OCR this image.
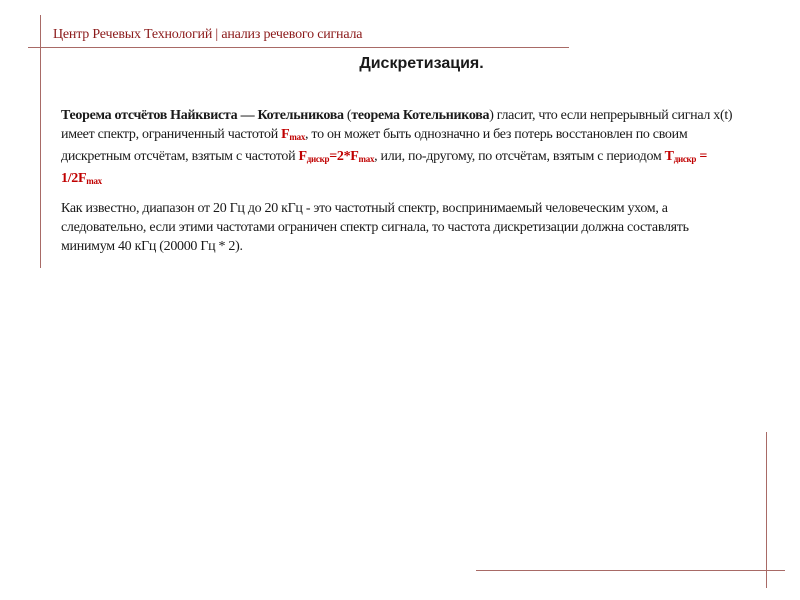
Центр Речевых Технологий | анализ речевого сигнала
Дискретизация.

Теорема отсчётов Найквиста — Котельникова (теорема Котельникова) гласит, что если непрерывный сигнал x(t) имеет спектр, ограниченный частотой $F_{max}$, то он может быть однозначно и без потерь восстановлен по своим дискретным отсчётам, взятым с частотой $F_{дискр}=2*F_{max}$, или, по-другому, по отсчётам, взятым с периодом $T_{дискр} = 1/2F_{max}$

Как известно, диапазон от 20 Гц до 20 кГц - это частотный спектр, воспринимаемый человеческим ухом, а следовательно, если этими частотами ограничен спектр сигнала, то частота дискретизации должна составлять минимум 40 кГц (20000 Гц * 2).
